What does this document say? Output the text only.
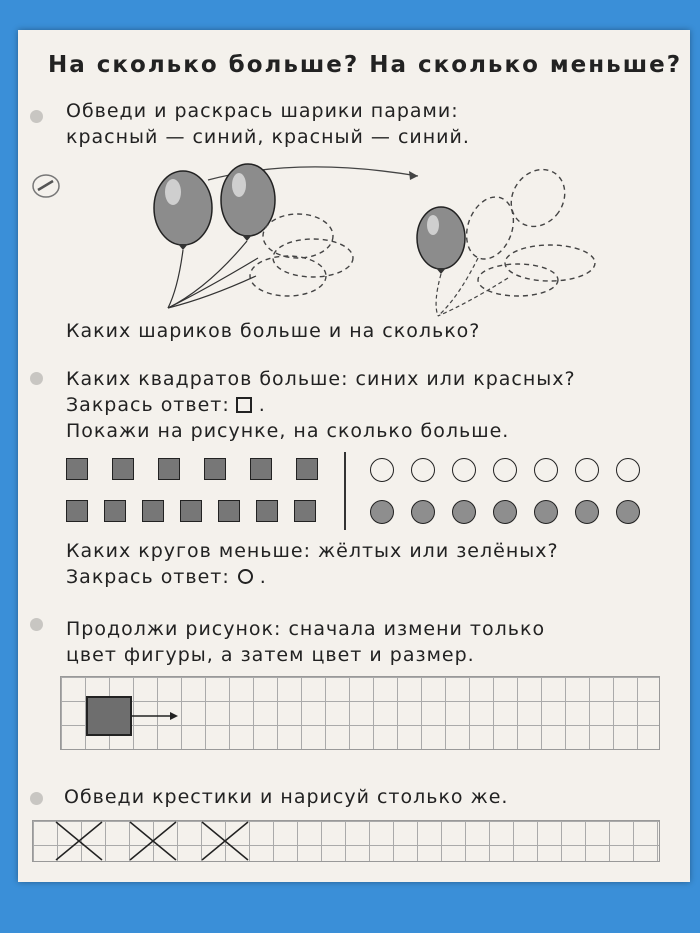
На сколько больше? На сколько меньше?
Обведи и раскрась шарики парами:
красный — синий, красный — синий.
Каких шариков больше и на сколько?
Каких квадратов больше: синих или красных?
Закрась ответ: .
Покажи на рисунке, на сколько больше.
Каких кругов меньше: жёлтых или зелёных?
Закрась ответ: .
Продолжи рисунок: сначала измени только
цвет фигуры, а затем цвет и размер.
Обведи крестики и нарисуй столько же.
